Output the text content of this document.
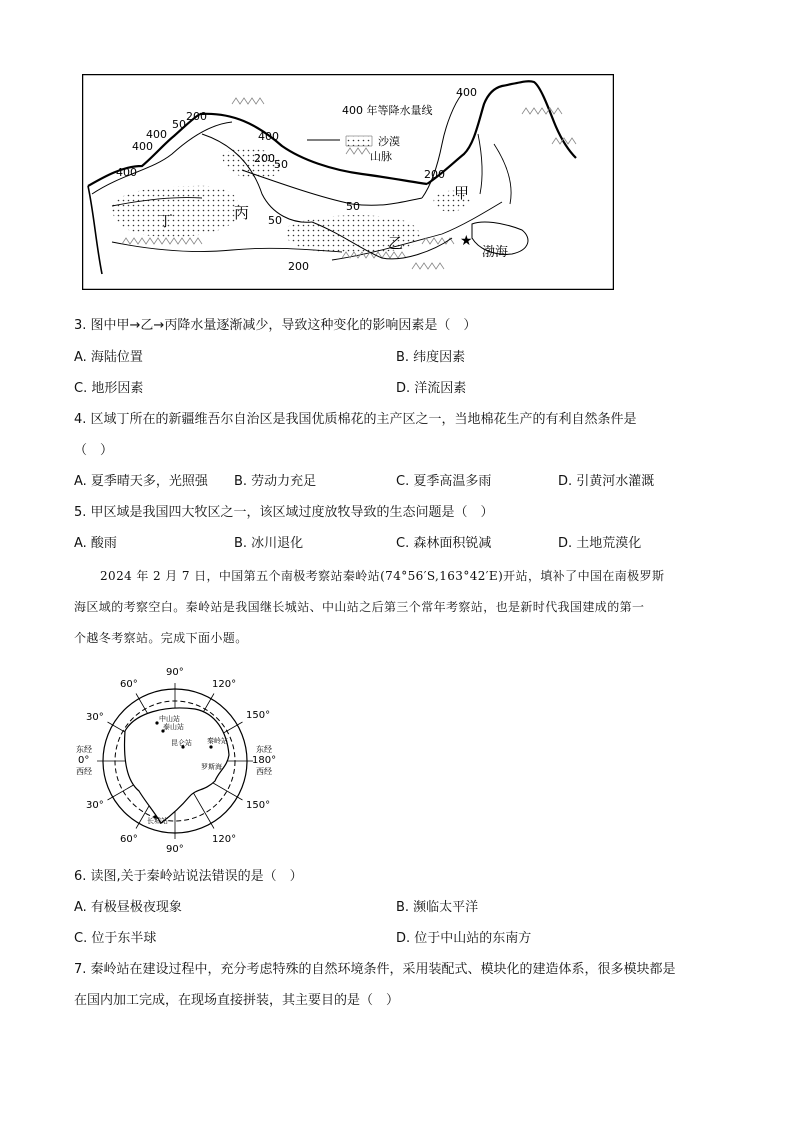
★
400 年等降水量线
沙漠
山脉
400
200
50
400	400
200 50
400
50
200
50
200
400
甲
乙
丙
丁
渤海
3. 图中甲→乙→丙降水量逐渐减少，导致这种变化的影响因素是（　）
A. 海陆位置	B. 纬度因素
C. 地形因素	D. 洋流因素
4. 区域丁所在的新疆维吾尔自治区是我国优质棉花的主产区之一，当地棉花生产的有利自然条件是
（　）
A. 夏季晴天多，光照强 B. 劳动力充足	C. 夏季高温多雨	D. 引黄河水灌溉
5. 甲区域是我国四大牧区之一，该区域过度放牧导致的生态问题是（　）
A. 酸雨	B. 冰川退化	C. 森林面积锐减	D. 土地荒漠化
2024 年 2 月 7 日，中国第五个南极考察站秦岭站(74°56′S,163°42′E)开站，填补了中国在南极罗斯
海区域的考察空白。秦岭站是我国继长城站、中山站之后第三个常年考察站，也是新时代我国建成的第一
个越冬考察站。完成下面小题。
中山站
泰山站
昆仑站 秦岭站
罗斯海
长城站
60°
90°
120°
150°
150°
60°
90°
120°
30°
30°
东经
0°
西经
东经
180°
西经
6. 读图,关于秦岭站说法错误的是（　）
A. 有极昼极夜现象	B. 濒临太平洋
C. 位于东半球	D. 位于中山站的东南方
7. 秦岭站在建设过程中，充分考虑特殊的自然环境条件，采用装配式、模块化的建造体系，很多模块都是
在国内加工完成，在现场直接拼装，其主要目的是（　）
